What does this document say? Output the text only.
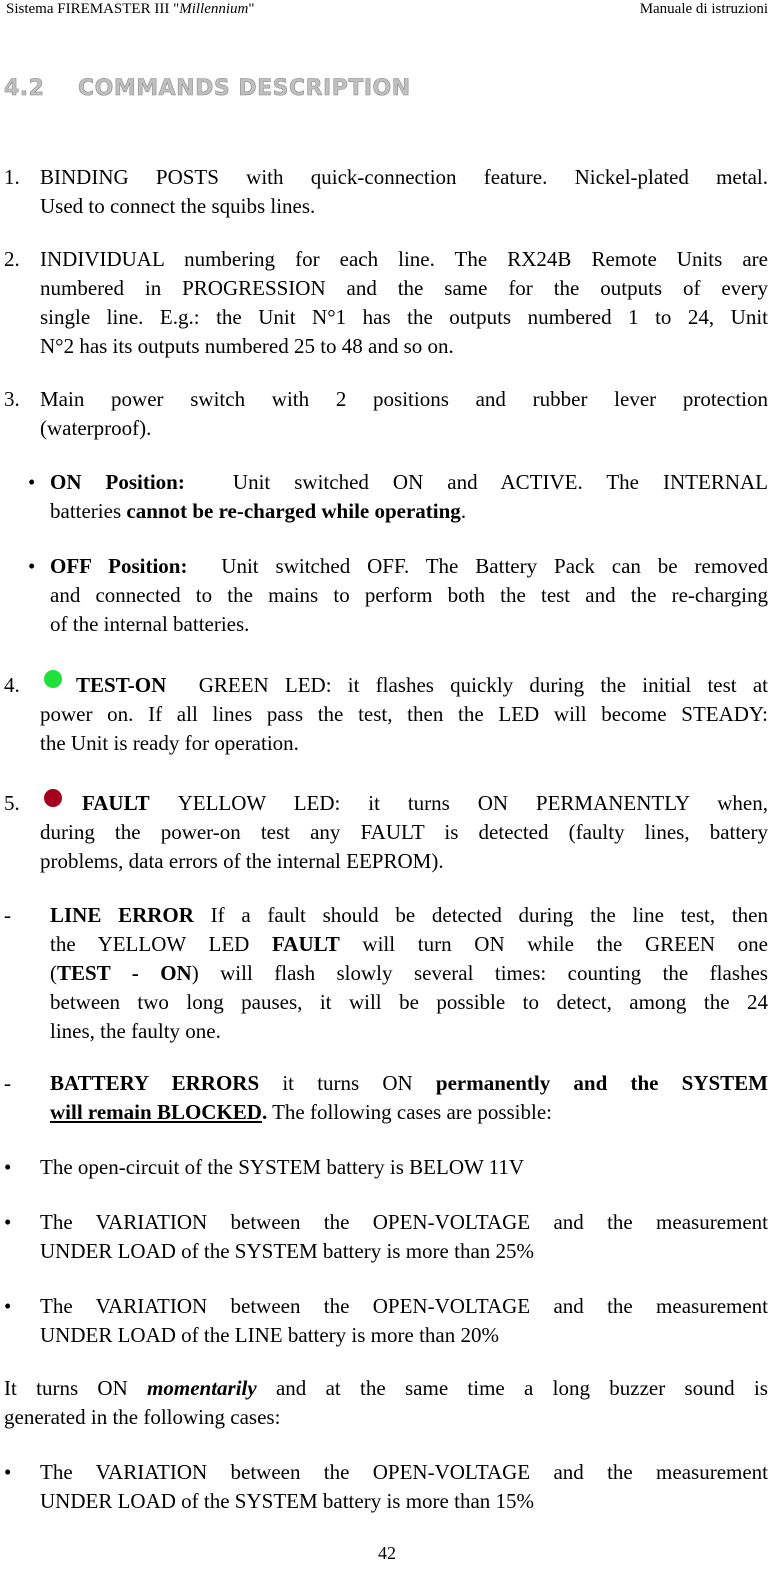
Sistema FIREMASTER III "Millennium"	Manuale di istruzioni
4.2 COMMANDS DESCRIPTION
1. BINDING POSTS with quick-connection feature. Nickel-plated metal.
Used to connect the squibs lines.
2. INDIVIDUAL numbering for each line. The RX24B Remote Units are
numbered in PROGRESSION and the same for the outputs of every
single line. E.g.: the Unit N°1 has the outputs numbered 1 to 24, Unit
N°2 has its outputs numbered 25 to 48 and so on.
3. Main power switch with 2 positions and rubber lever protection
(waterproof).
• ON Position: Unit switched ON and ACTIVE. The INTERNAL
batteries cannot be re-charged while operating.
• OFF Position: Unit switched OFF. The Battery Pack can be removed
and connected to the mains to perform both the test and the re-charging
of the internal batteries.
4.	TEST-ON GREEN LED: it flashes quickly during the initial test at
power on. If all lines pass the test, then the LED will become STEADY:
the Unit is ready for operation.
5.	FAULT YELLOW LED: it turns ON PERMANENTLY when,
during the power-on test any FAULT is detected (faulty lines, battery
problems, data errors of the internal EEPROM).
- LINE ERROR If a fault should be detected during the line test, then
the YELLOW LED FAULT will turn ON while the GREEN one
(TEST - ON) will flash slowly several times: counting the flashes
between two long pauses, it will be possible to detect, among the 24
lines, the faulty one.
- BATTERY ERRORS it turns ON permanently and the SYSTEM
will remain BLOCKED. The following cases are possible:
• The open-circuit of the SYSTEM battery is BELOW 11V
• The VARIATION between the OPEN-VOLTAGE and the measurement
UNDER LOAD of the SYSTEM battery is more than 25%
• The VARIATION between the OPEN-VOLTAGE and the measurement
UNDER LOAD of the LINE battery is more than 20%
It turns ON momentarily and at the same time a long buzzer sound is
generated in the following cases:
• The VARIATION between the OPEN-VOLTAGE and the measurement
UNDER LOAD of the SYSTEM battery is more than 15%
42
